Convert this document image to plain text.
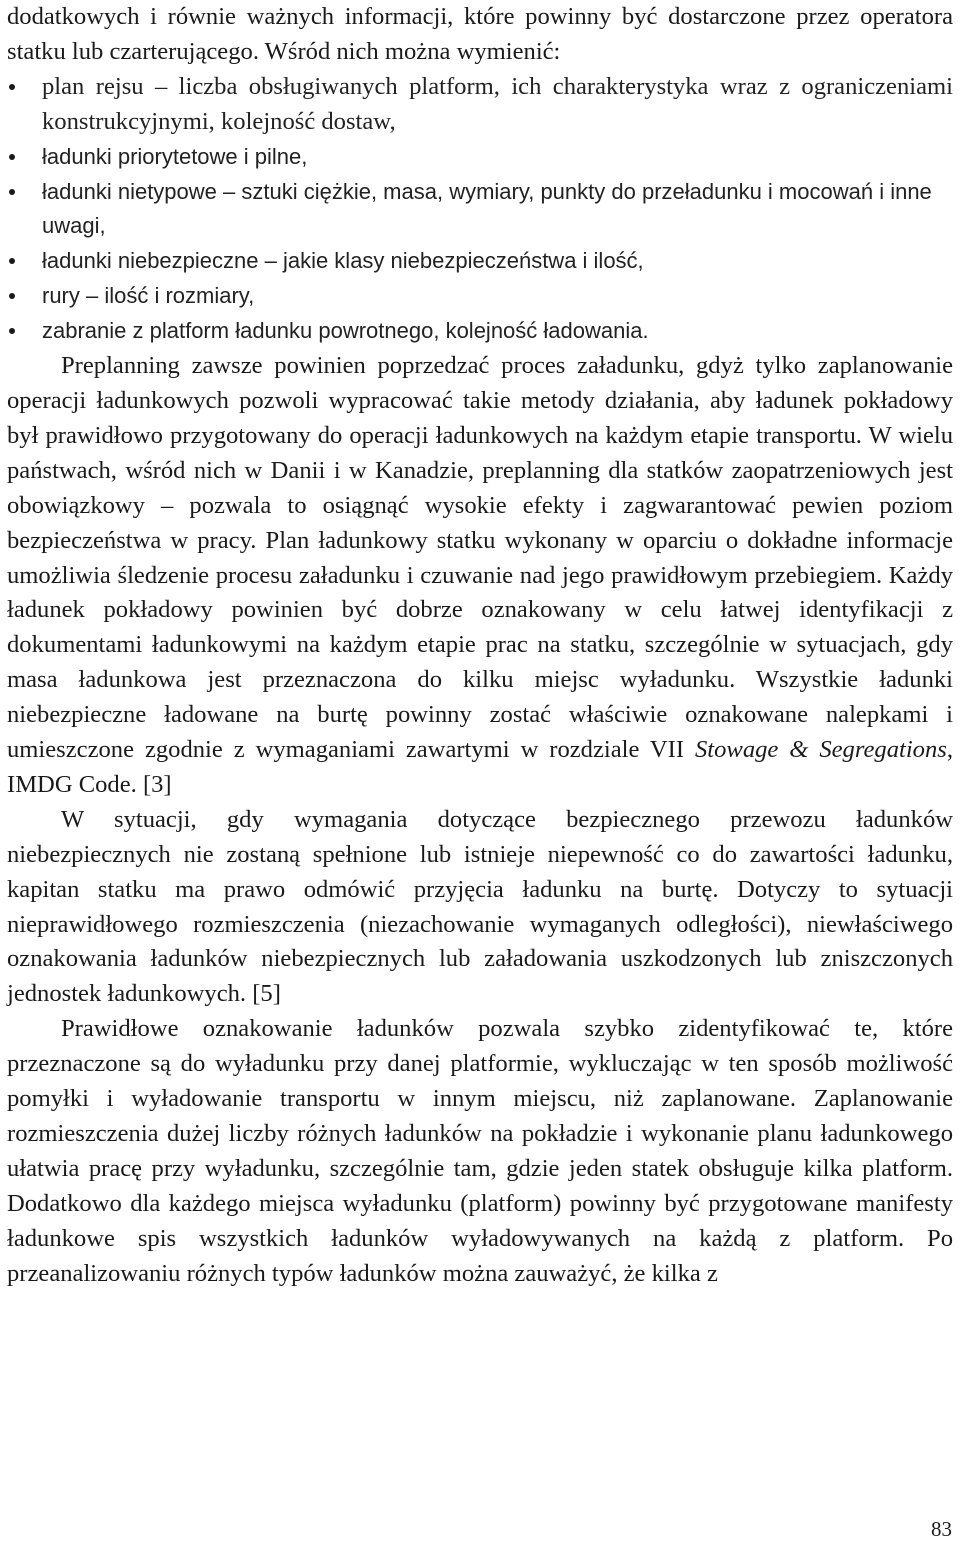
dodatkowych i równie ważnych informacji, które powinny być dostarczone przez operatora statku lub czarterującego. Wśród nich można wymienić:

plan rejsu – liczba obsługiwanych platform, ich charakterystyka wraz z ograniczeniami konstrukcyjnymi, kolejność dostaw,
ładunki priorytetowe i pilne,
ładunki nietypowe – sztuki ciężkie, masa, wymiary, punkty do przeładunku i mocowań i inne uwagi,
ładunki niebezpieczne – jakie klasy niebezpieczeństwa i ilość,
rury – ilość i rozmiary,
zabranie z platform ładunku powrotnego, kolejność ładowania.

Preplanning zawsze powinien poprzedzać proces załadunku, gdyż tylko zaplanowanie operacji ładunkowych pozwoli wypracować takie metody działania, aby ładunek pokładowy był prawidłowo przygotowany do operacji ładunkowych na każdym etapie transportu. W wielu państwach, wśród nich w Danii i w Kanadzie, preplanning dla statków zaopatrzeniowych jest obowiązkowy – pozwala to osiągnąć wysokie efekty i zagwarantować pewien poziom bezpieczeństwa w pracy. Plan ładunkowy statku wykonany w oparciu o dokładne informacje umożliwia śledzenie procesu załadunku i czuwanie nad jego prawidłowym przebiegiem. Każdy ładunek pokładowy powinien być dobrze oznakowany w celu łatwej identyfikacji z dokumentami ładunkowymi na każdym etapie prac na statku, szczególnie w sytuacjach, gdy masa ładunkowa jest przeznaczona do kilku miejsc wyładunku. Wszystkie ładunki niebezpieczne ładowane na burtę powinny zostać właściwie oznakowane nalepkami i umieszczone zgodnie z wymaganiami zawartymi w rozdziale VII Stowage & Segregations, IMDG Code. [3]

W sytuacji, gdy wymagania dotyczące bezpiecznego przewozu ładunków niebezpiecznych nie zostaną spełnione lub istnieje niepewność co do zawartości ładunku, kapitan statku ma prawo odmówić przyjęcia ładunku na burtę. Dotyczy to sytuacji nieprawidłowego rozmieszczenia (niezachowanie wymaganych odległości), niewłaściwego oznakowania ładunków niebezpiecznych lub załadowania uszkodzonych lub zniszczonych jednostek ładunkowych. [5]

Prawidłowe oznakowanie ładunków pozwala szybko zidentyfikować te, które przeznaczone są do wyładunku przy danej platformie, wykluczając w ten sposób możliwość pomyłki i wyładowanie transportu w innym miejscu, niż zaplanowane. Zaplanowanie rozmieszczenia dużej liczby różnych ładunków na pokładzie i wykonanie planu ładunkowego ułatwia pracę przy wyładunku, szczególnie tam, gdzie jeden statek obsługuje kilka platform. Dodatkowo dla każdego miejsca wyładunku (platform) powinny być przygotowane manifesty ładunkowe spis wszystkich ładunków wyładowywanych na każdą z platform. Po przeanalizowaniu różnych typów ładunków można zauważyć, że kilka z

83
